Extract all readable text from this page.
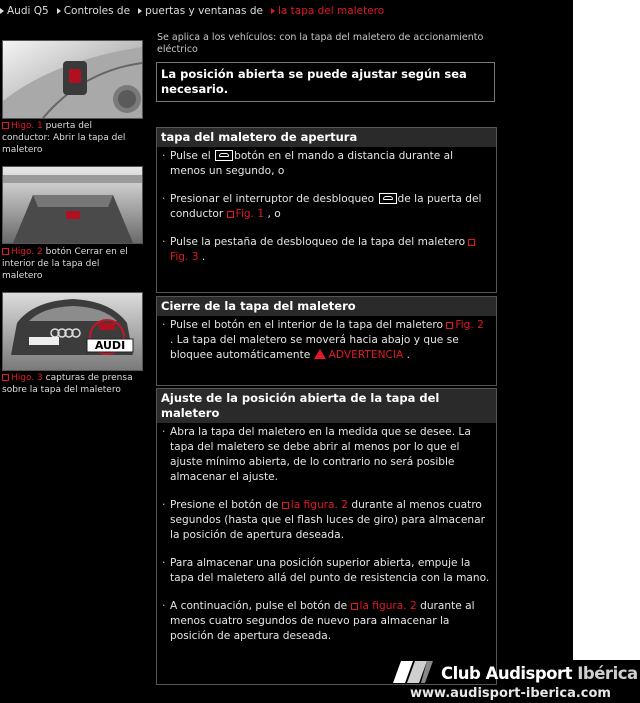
Audi Q5 Controles de puertas y ventanas de la tapa del maletero
Higo. 1 puerta del conductor: Abrir la tapa del maletero
Higo. 2 botón Cerrar en el interior de la tapa del maletero
AUDI
Higo. 3 capturas de prensa sobre la tapa del maletero
Se aplica a los vehículos: con la tapa del maletero de accionamiento eléctrico
La posición abierta se puede ajustar según sea necesario.
tapa del maletero de apertura
· Pulse el botón en el mando a distancia durante al menos un segundo, o
· Presionar el interruptor de desbloqueo de la puerta del conductor Fig. 1 , o
· Pulse la pestaña de desbloqueo de la tapa del maletero Fig. 3 .
Cierre de la tapa del maletero
· Pulse el botón en el interior de la tapa del maletero Fig. 2 . La tapa del maletero se moverá hacia abajo y que se bloquee automáticamente ADVERTENCIA .
Ajuste de la posición abierta de la tapa del maletero
· Abra la tapa del maletero en la medida que se desee. La tapa del maletero se debe abrir al menos por lo que el ajuste mínimo abierta, de lo contrario no será posible almacenar el ajuste.
· Presione el botón de la figura. 2 durante al menos cuatro segundos (hasta que el flash luces de giro) para almacenar la posición de apertura deseada.
· Para almacenar una posición superior abierta, empuje la tapa del maletero allá del punto de resistencia con la mano.
· A continuación, pulse el botón de la figura. 2 durante al menos cuatro segundos de nuevo para almacenar la posición de apertura deseada.
Club Audisport Ibérica
www.audisport-iberica.com
